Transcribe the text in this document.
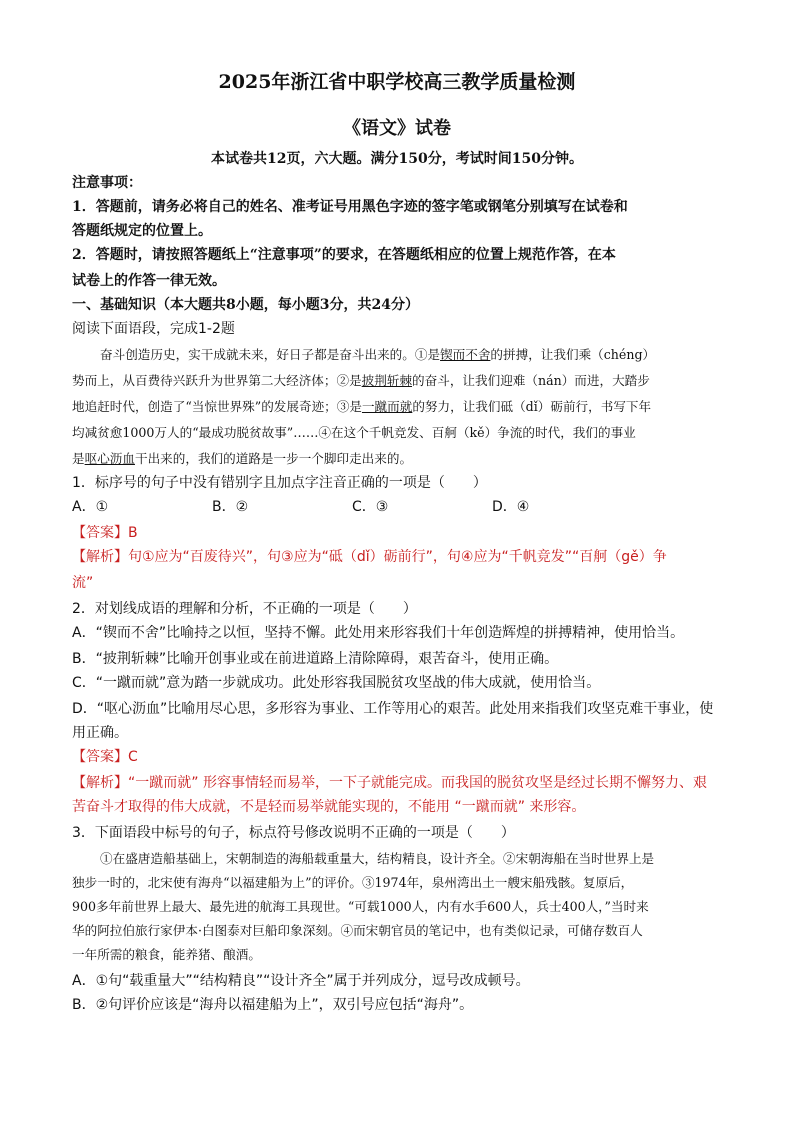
2025年浙江省中职学校高三教学质量检测
《语文》试卷
本试卷共12页，六大题。满分150分，考试时间150分钟。
注意事项：
1．答题前，请务必将自己的姓名、准考证号用黑色字迹的签字笔或钢笔分别填写在试卷和
答题纸规定的位置上。
2．答题时，请按照答题纸上“注意事项”的要求，在答题纸相应的位置上规范作答，在本
试卷上的作答一律无效。
一、基础知识（本大题共8小题，每小题3分，共24分）
阅读下面语段，完成1-2题
奋斗创造历史，实干成就未来，好日子都是奋斗出来的。①是锲而不舍的拼搏，让我们乘（chéng）
势而上，从百费待兴跃升为世界第二大经济体；②是披荆斩棘的奋斗，让我们迎难（nán）而进，大踏步
地追赶时代，创造了“当惊世界殊”的发展奇迹；③是一蹴而就的努力，让我们砥（dǐ）砺前行，书写下年
均减贫愈1000万人的“最成功脱贫故事”……④在这个千帆竞发、百舸（kě）争流的时代，我们的事业
是呕心沥血干出来的，我们的道路是一步一个脚印走出来的。
1．标序号的句子中没有错别字且加点字注音正确的一项是（　　）
A．①	B．②	C．③	D．④
【答案】B
【解析】句①应为“百废待兴”，句③应为“砥（dǐ）砺前行”，句④应为“千帆竞发”“百舸（gě）争
流”
2．对划线成语的理解和分析，不正确的一项是（　　）
A．“锲而不舍”比喻持之以恒，坚持不懈。此处用来形容我们十年创造辉煌的拼搏精神，使用恰当。
B．“披荆斩棘”比喻开创事业或在前进道路上清除障碍，艰苦奋斗，使用正确。
C．“一蹴而就”意为踏一步就成功。此处形容我国脱贫攻坚战的伟大成就，使用恰当。
D．“呕心沥血”比喻用尽心思，多形容为事业、工作等用心的艰苦。此处用来指我们攻坚克难干事业，使
用正确。
【答案】C
【解析】“一蹴而就” 形容事情轻而易举，一下子就能完成。而我国的脱贫攻坚是经过长期不懈努力、艰
苦奋斗才取得的伟大成就，不是轻而易举就能实现的，不能用 “一蹴而就” 来形容。
3．下面语段中标号的句子，标点符号修改说明不正确的一项是（　　）
①在盛唐造船基础上，宋朝制造的海船载重量大，结构精良，设计齐全。②宋朝海船在当时世界上是
独步一时的，北宋使有海舟“以福建船为上”的评价。③1974年，泉州湾出土一艘宋船残骸。复原后，
900多年前世界上最大、最先进的航海工具现世。“可载1000人，内有水手600人，兵士400人，”当时来
华的阿拉伯旅行家伊本·白图泰对巨船印象深刻。④而宋朝官员的笔记中，也有类似记录，可储存数百人
一年所需的粮食，能养猪、酿酒。
A．①句“载重量大”“结构精良”“设计齐全”属于并列成分，逗号改成顿号。
B．②句评价应该是“海舟以福建船为上”，双引号应包括“海舟”。
